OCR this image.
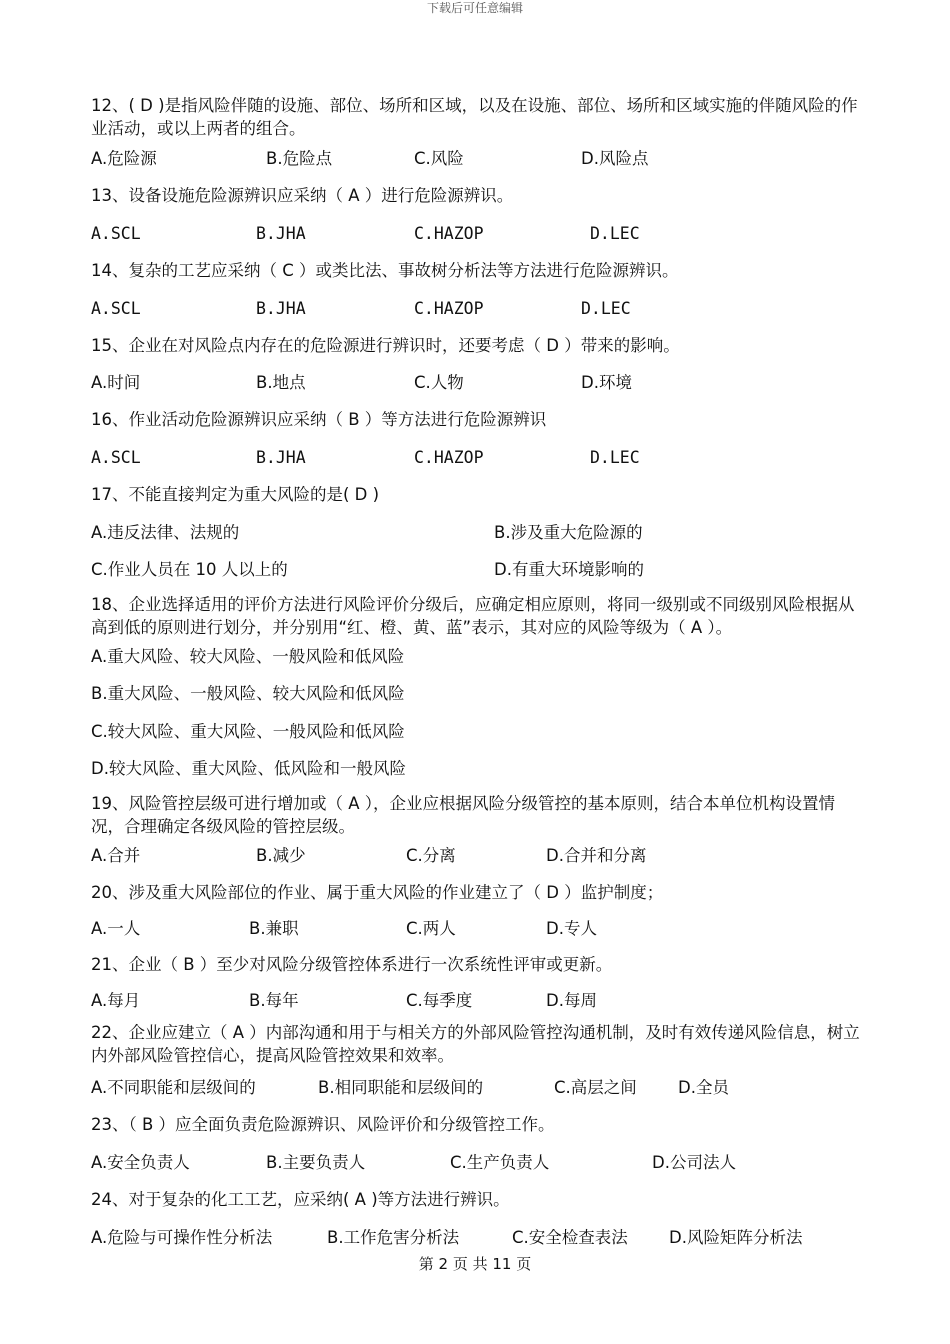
下载后可任意编辑
12、( D )是指风险伴随的设施、部位、场所和区域，以及在设施、部位、场所和区域实施的伴随风险的作业活动，或以上两者的组合。
A.危险源	B.危险点	C.风险	D.风险点
13、设备设施危险源辨识应采纳（ A ）进行危险源辨识。
A.SCL	B.JHA	C.HAZOP	D.LEC
14、复杂的工艺应采纳（ C ）或类比法、事故树分析法等方法进行危险源辨识。
A.SCL	B.JHA	C.HAZOP	D.LEC
15、企业在对风险点内存在的危险源进行辨识时，还要考虑（ D ）带来的影响。
A.时间	B.地点	C.人物	D.环境
16、作业活动危险源辨识应采纳（ B ）等方法进行危险源辨识
A.SCL	B.JHA	C.HAZOP	D.LEC
17、不能直接判定为重大风险的是( D )
A.违反法律、法规的	B.涉及重大危险源的
C.作业人员在 10 人以上的	D.有重大环境影响的
18、企业选择适用的评价方法进行风险评价分级后，应确定相应原则，将同一级别或不同级别风险根据从高到低的原则进行划分，并分别用“红、橙、黄、蓝”表示，其对应的风险等级为（ A ）。
A.重大风险、较大风险、一般风险和低风险
B.重大风险、一般风险、较大风险和低风险
C.较大风险、重大风险、一般风险和低风险
D.较大风险、重大风险、低风险和一般风险
19、风险管控层级可进行增加或（ A ），企业应根据风险分级管控的基本原则，结合本单位机构设置情况，合理确定各级风险的管控层级。
A.合并	B.减少	C.分离	D.合并和分离
20、涉及重大风险部位的作业、属于重大风险的作业建立了（ D ）监护制度；
A.一人	B.兼职	C.两人	D.专人
21、企业（ B ）至少对风险分级管控体系进行一次系统性评审或更新。
A.每月	B.每年	C.每季度	D.每周
22、企业应建立（ A ）内部沟通和用于与相关方的外部风险管控沟通机制，及时有效传递风险信息，树立内外部风险管控信心，提高风险管控效果和效率。
A.不同职能和层级间的	B.相同职能和层级间的	C.高层之间 D.全员
23、（ B ）应全面负责危险源辨识、风险评价和分级管控工作。
A.安全负责人	B.主要负责人	C.生产负责人	D.公司法人
24、对于复杂的化工工艺，应采纳( A )等方法进行辨识。
A.危险与可操作性分析法	B.工作危害分析法	C.安全检查表法 D.风险矩阵分析法
第 2 页 共 11 页
